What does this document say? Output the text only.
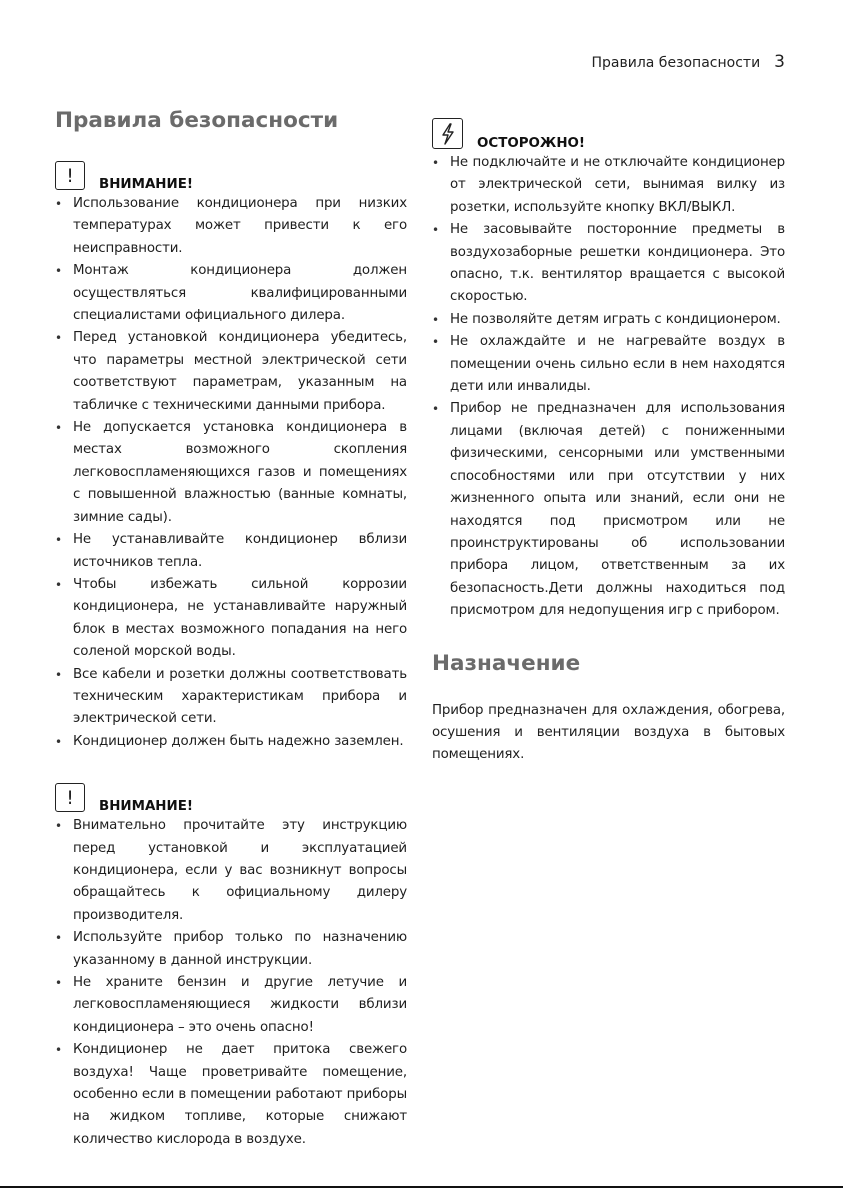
Правила безопасности 3
Правила безопасности
!	ВНИМАНИЕ!
• Использование кондиционера при низких температурах может привести к его неисправности.
• Монтаж кондиционера должен осуществляться квалифицированными специалистами официального дилера.
• Перед установкой кондиционера убедитесь, что параметры местной электрической сети соответствуют параметрам, указанным на табличке с техническими данными прибора.
• Не допускается установка кондиционера в местах возможного скопления легковоспламеняющихся газов и помещениях с повышенной влажностью (ванные комнаты, зимние сады).
• Не устанавливайте кондиционер вблизи источников тепла.
• Чтобы избежать сильной коррозии кондиционера, не устанавливайте наружный блок в местах возможного попадания на него соленой морской воды.
• Все кабели и розетки должны соответствовать техническим характеристикам прибора и электрической сети.
• Кондиционер должен быть надежно заземлен.
!	ВНИМАНИЕ!
• Внимательно прочитайте эту инструкцию перед установкой и эксплуатацией кондиционера, если у вас возникнут вопросы обращайтесь к официальному дилеру производителя.
• Используйте прибор только по назначению указанному в данной инструкции.
• Не храните бензин и другие летучие и легковоспламеняющиеся жидкости вблизи кондиционера – это очень опасно!
• Кондиционер не дает притока свежего воздуха! Чаще проветривайте помещение, особенно если в помещении работают приборы на жидком топливе, которые снижают количество кислорода в воздухе.
ОСТОРОЖНО!
• Не подключайте и не отключайте кондиционер от электрической сети, вынимая вилку из розетки, используйте кнопку ВКЛ/ВЫКЛ.
• Не засовывайте посторонние предметы в воздухозаборные решетки кондиционера. Это опасно, т.к. вентилятор вращается с высокой скоростью.
• Не позволяйте детям играть с кондиционером.
• Не охлаждайте и не нагревайте воздух в помещении очень сильно если в нем находятся дети или инвалиды.
• Прибор не предназначен для использования лицами (включая детей) с пониженными физическими, сенсорными или умственными способностями или при отсутствии у них жизненного опыта или знаний, если они не находятся под присмотром или не проинструктированы об использовании прибора лицом, ответственным за их безопасность.Дети должны находиться под присмотром для недопущения игр с прибором.
Назначение

Прибор предназначен для охлаждения, обогрева, осушения и вентиляции воздуха в бытовых помещениях.
